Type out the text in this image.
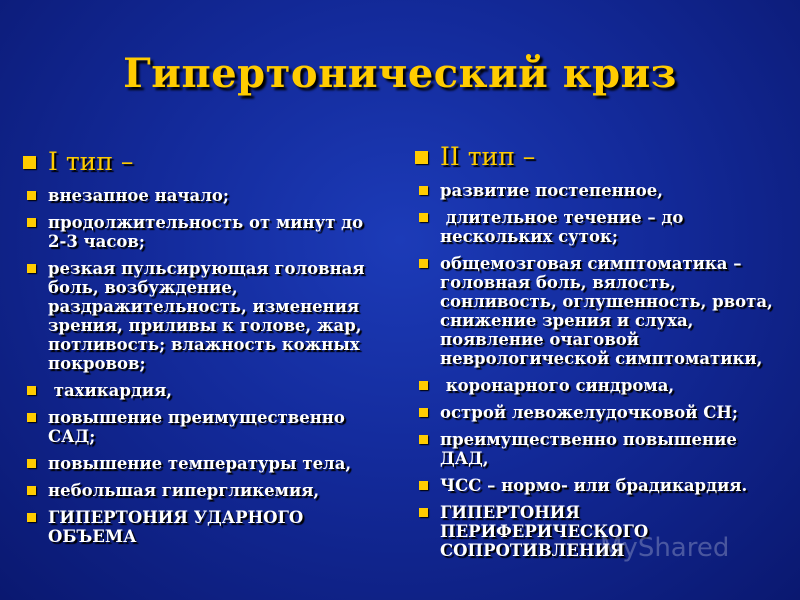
Гипертонический криз
I тип –
внезапное начало;
продолжительность от минут до 2-3 часов;
резкая пульсирующая головная боль, возбуждение, раздражительность, изменения зрения, приливы к голове, жар, потливость; влажность кожных покровов;
тахикардия,
повышение преимущественно САД;
повышение температуры тела,
небольшая гипергликемия,
ГИПЕРТОНИЯ УДАРНОГО ОБЪЕМА
II тип –
развитие постепенное,
длительное течение – до нескольких суток;
общемозговая симптоматика – головная боль, вялость, сонливость, оглушенность, рвота, снижение зрения и слуха, появление очаговой неврологической симптоматики,
коронарного синдрома,
острой левожелудочковой СН;
преимущественно повышение ДАД,
ЧСС – нормо- или брадикардия.
ГИПЕРТОНИЯ ПЕРИФЕРИЧЕСКОГО СОПРОТИВЛЕНИЯ
MyShared
